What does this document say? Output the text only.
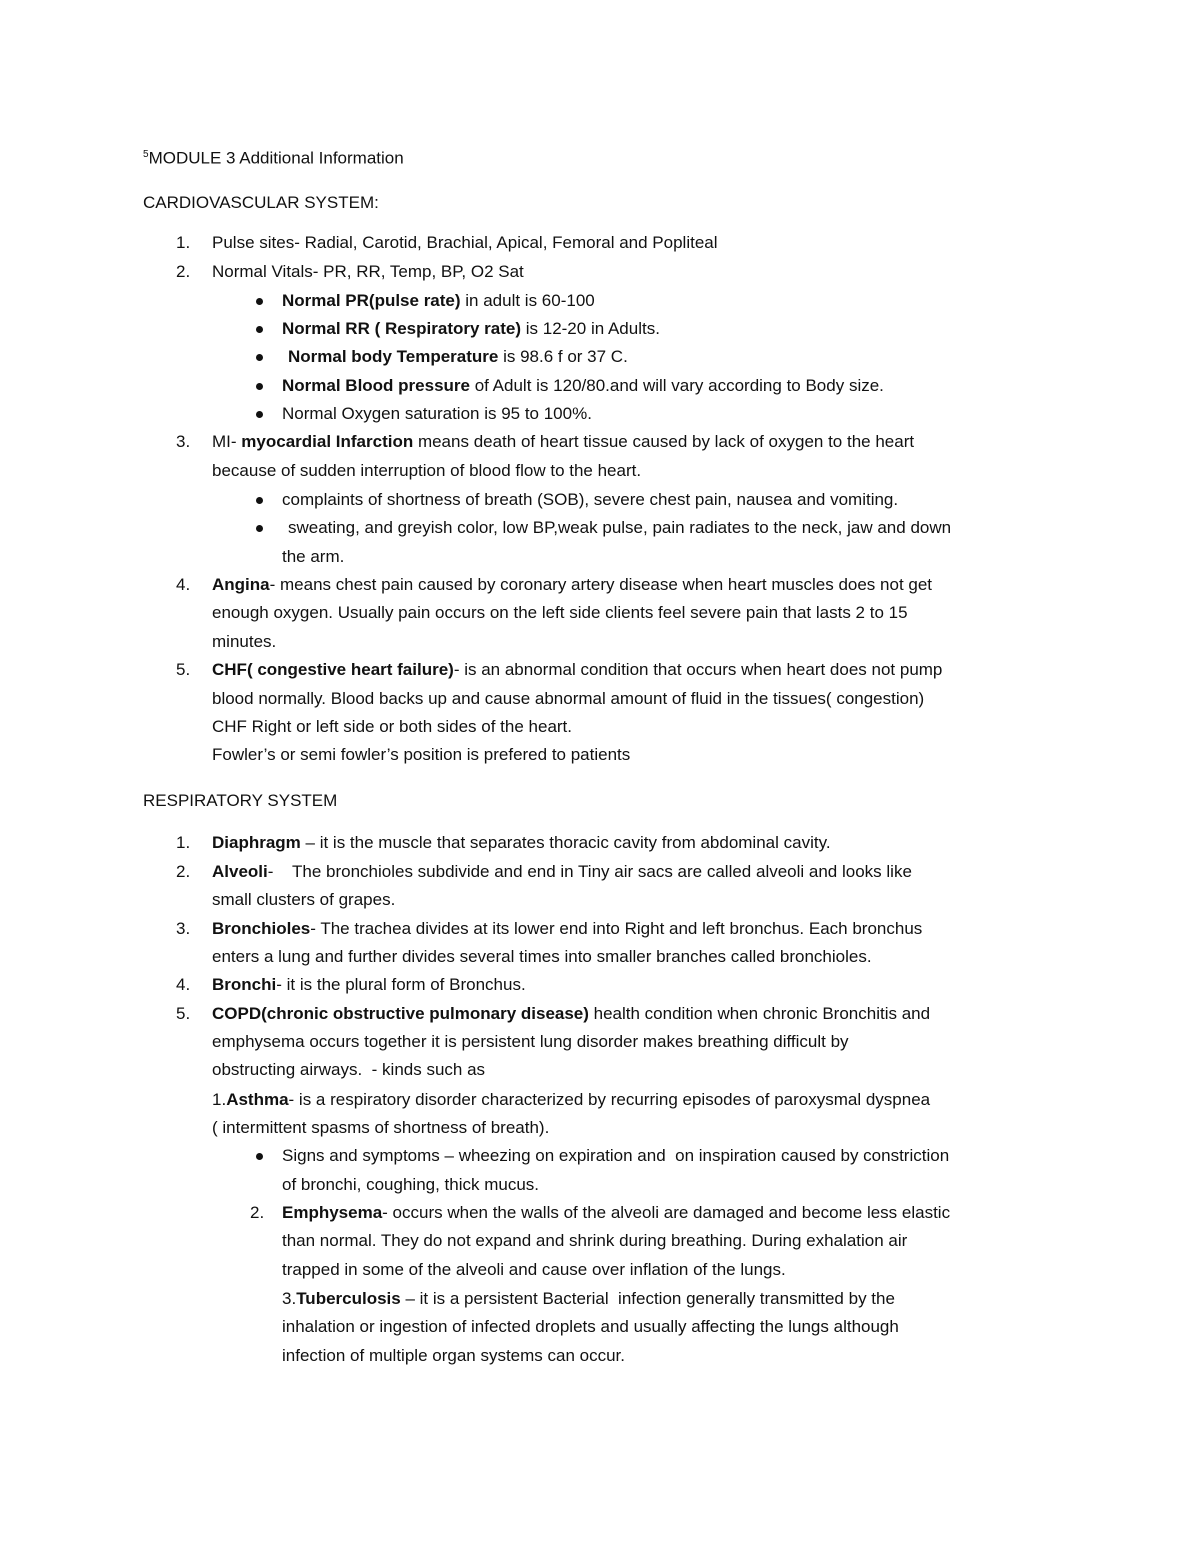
$^5$MODULE 3 Additional Information
CARDIOVASCULAR SYSTEM:
1. Pulse sites- Radial, Carotid, Brachial, Apical, Femoral and Popliteal
2. Normal Vitals- PR, RR, Temp, BP, O2 Sat
Normal PR(pulse rate) in adult is 60-100
Normal RR ( Respiratory rate) is 12-20 in Adults.
Normal body Temperature is 98.6 f or 37 C.
Normal Blood pressure of Adult is 120/80.and will vary according to Body size.
Normal Oxygen saturation is 95 to 100%.
3. MI- myocardial Infarction means death of heart tissue caused by lack of oxygen to the heart
because of sudden interruption of blood flow to the heart.
complaints of shortness of breath (SOB), severe chest pain, nausea and vomiting.
sweating, and greyish color, low BP,weak pulse, pain radiates to the neck, jaw and down
the arm.
4. Angina- means chest pain caused by coronary artery disease when heart muscles does not get
enough oxygen. Usually pain occurs on the left side clients feel severe pain that lasts 2 to 15
minutes.
5. CHF( congestive heart failure)- is an abnormal condition that occurs when heart does not pump
blood normally. Blood backs up and cause abnormal amount of fluid in the tissues( congestion)
CHF Right or left side or both sides of the heart.
Fowler’s or semi fowler’s position is prefered to patients
RESPIRATORY SYSTEM
1. Diaphragm – it is the muscle that separates thoracic cavity from abdominal cavity.
2. Alveoli-    The bronchioles subdivide and end in Tiny air sacs are called alveoli and looks like
small clusters of grapes.
3. Bronchioles- The trachea divides at its lower end into Right and left bronchus. Each bronchus
enters a lung and further divides several times into smaller branches called bronchioles.
4. Bronchi- it is the plural form of Bronchus.
5. COPD(chronic obstructive pulmonary disease) health condition when chronic Bronchitis and
emphysema occurs together it is persistent lung disorder makes breathing difficult by
obstructing airways.  - kinds such as
1.Asthma- is a respiratory disorder characterized by recurring episodes of paroxysmal dyspnea
( intermittent spasms of shortness of breath).
Signs and symptoms – wheezing on expiration and  on inspiration caused by constriction
of bronchi, coughing, thick mucus.
2. Emphysema- occurs when the walls of the alveoli are damaged and become less elastic
than normal. They do not expand and shrink during breathing. During exhalation air
trapped in some of the alveoli and cause over inflation of the lungs.
3.Tuberculosis – it is a persistent Bacterial  infection generally transmitted by the
inhalation or ingestion of infected droplets and usually affecting the lungs although
infection of multiple organ systems can occur.
